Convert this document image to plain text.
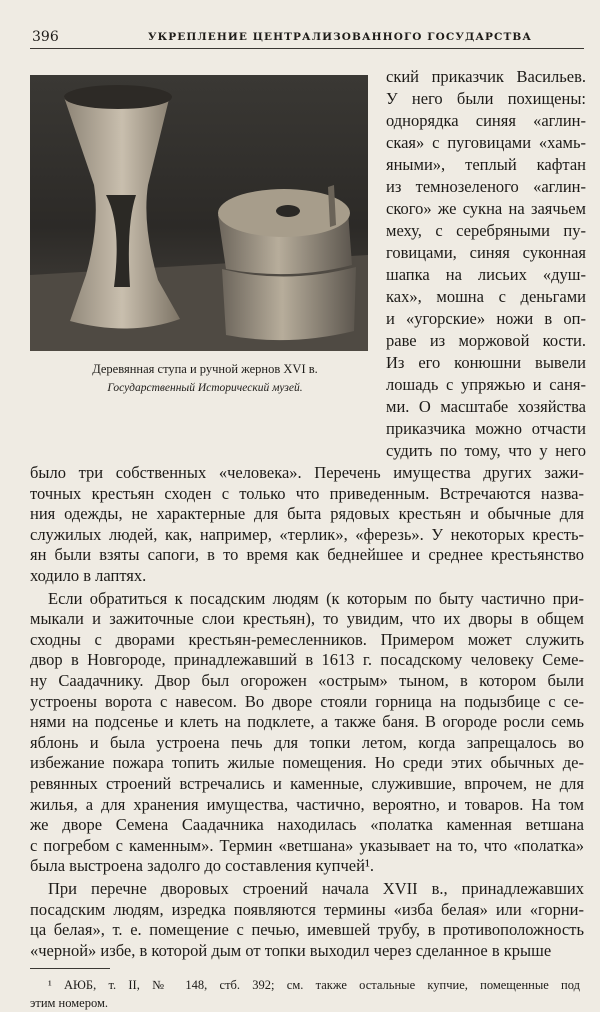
396	УКРЕПЛЕНИЕ ЦЕНТРАЛИЗОВАННОГО ГОСУДАРСТВА
Деревянная ступа и ручной жернов XVI в.
Государственный Исторический музей.
ский приказчик Васильев.
У него были похищены:
однорядка синяя «аглин-
ская» с пуговицами «хамь-
яными», теплый кафтан
из темнозеленого «аглин-
ского» же сукна на заячьем
меху, с серебряными пу-
говицами, синяя суконная
шапка на лисьих «душ-
ках», мошна с деньгами
и «угорские» ножи в оп-
раве из моржовой кости.
Из его конюшни вывели
лошадь с упряжью и саня-
ми. О масштабе хозяйства
приказчика можно отчасти
судить по тому, что у него
было три собственных «человека». Перечень имущества других зажи-
точных крестьян сходен с только что приведенным. Встречаются назва-
ния одежды, не характерные для быта рядовых крестьян и обычные для
служилых людей, как, например, «терлик», «ферезь». У некоторых кресть-
ян были взяты сапоги, в то время как беднейшее и среднее крестьянство
ходило в лаптях.
Если обратиться к посадским людям (к которым по быту частично при-
мыкали и зажиточные слои крестьян), то увидим, что их дворы в общем
сходны с дворами крестьян-ремесленников. Примером может служить
двор в Новгороде, принадлежавший в 1613 г. посадскому человеку Семе-
ну Саадачнику. Двор был огорожен «острым» тыном, в котором были
устроены ворота с навесом. Во дворе стояли горница на подызбице с се-
нями на подсенье и клеть на подклете, а также баня. В огороде росли семь
яблонь и была устроена печь для топки летом, когда запрещалось во
избежание пожара топить жилые помещения. Но среди этих обычных де-
ревянных строений встречались и каменные, служившие, впрочем, не для
жилья, а для хранения имущества, частично, вероятно, и товаров. На том
же дворе Семена Саадачника находилась «полатка каменная ветшана
с погребом с каменным». Термин «ветшана» указывает на то, что «полатка»
была выстроена задолго до составления купчей¹.
При перечне дворовых строений начала XVII в., принадлежавших
посадским людям, изредка появляются термины «изба белая» или «горни-
ца белая», т. е. помещение с печью, имевшей трубу, в противоположность
«черной» избе, в которой дым от топки выходил через сделанное в крыше
¹ АЮБ, т. II, № 148, стб. 392; см. также остальные купчие, помещенные под
этим номером.
